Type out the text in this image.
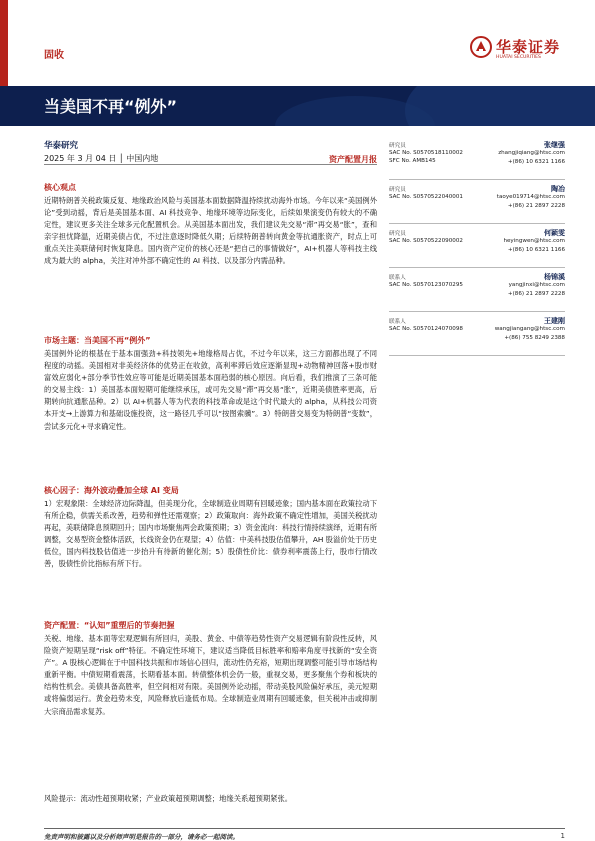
固收	华泰证券
HUATAI SECURITIES
当美国不再“例外”
华泰研究
2025 年 3 月 04 日 │ 中国内地	资产配置月报
核心观点
近期特朗普关税政策反复、地缘政治风险与美国基本面数据降温持续扰动海外市场。今年以来“美国例外论”受到动摇，背后是美国基本面、AI 科技竞争、地缘环境等边际变化，后续如果演变仍有较大的不确定性，建议更多关注全球多元化配置机会。从美国基本面出发，我们建议先交易“滞”再交易“胀”，查和亲字担忧降温，近期美债占优，不过注意逐时降低久期；后续特朗普转向黄金等抗通胀资产，时点上可重点关注美联储何时恢复降息。国内资产定价的核心还是“把自己的事情做好”，AI+机器人等科技主线成为最大的 alpha，关注对冲外部不确定性的 AI 科技、以及部分内需品种。
市场主题：当美国不再“例外”
美国例外论的根基在于基本面强劲+科技领先+地缘格局占优，不过今年以来，这三方面都出现了不同程度的动摇。美国相对非美经济体的优势正在收敛，高利率滞后效应逐渐显现+动物精神回落+股市财富效应弱化+部分季节性效应等可能是近期美国基本面趋弱的核心原因。向后看，我们推演了三条可能的交易主线：1）美国基本面短期可能继续承压，或可先交易“滞”再交易“胀”，近期美债胜率更高，后期转向抗通胀品种。2）以 AI+机器人等为代表的科技革命或是这个时代最大的 alpha，从科技公司资本开支→上游算力和基础设施投资，这一路径几乎可以“按图索骥”。3）特朗普交易变为特朗普“变数”，尝试多元化+寻求确定性。
核心因子：海外波动叠加全球 AI 变局
1）宏观象限：全球经济边际降温，但美现分化，全球制造业周期有回暖迹象；国内基本面在政策拉动下有所企稳，供需关系改善，趋势和弹性还需观察；2）政策取向：海外政策不确定性增加，美国关税扰动再起，美联储降息预期回升；国内市场聚焦两会政策预期；3）资金流向：科技行情持续演绎，近期有所调整，交易型资金整体活跃，长线资金仍在观望；4）估值：中美科技股估值攀升，AH 股溢价处于历史低位，国内科技股估值进一步抬升有待新的催化剂；5）股债性价比：债券利率震荡上行，股市行情改善，股债性价比指标有所下行。
资产配置：“认知”重塑后的节奏把握
关税、地缘、基本面等宏观逻辑有所回归，美股、黄金、中债等趋势性资产交易逻辑有阶段性反转，风险资产短期呈现“risk off”特征。不确定性环境下，建议适当降低目标胜率和赔率角度寻找新的“安全资产”。A 股核心逻辑在于中国科技共振和市场信心回归，流动性仍充裕，短期出现调整可能引导市场结构重新平衡。中债短期看震荡，长期看基本面。转债整体机会仍一般，重视交易，更多聚焦个券和板块的结构性机会。美债具备高胜率，但空间相对有限。美国例外论动摇，带动美股风险偏好承压，美元短期或将偏弱运行。黄金趋势未变，风险释放后逢低布局。全球制造业周期有回暖迹象，但关税冲击或抑制大宗商品需求复苏。
风险提示：流动性超预期收紧；产业政策超预期调整；地缘关系超预期紧张。
研究员	张继强
SAC No. S0570518110002
SFC No. AMB145
zhangjiqiang@htsc.com
+(86) 10 6321 1166
研究员	陶冶
SAC No. S0570522040001	taoye019714@htsc.com
+(86) 21 2897 2228
研究员	何颖雯
SAC No. S0570522090002	heyingwen@htsc.com
+(86) 10 6321 1166
联系人	杨锦溪
SAC No. S0570123070295	yangjinxi@htsc.com
+(86) 21 2897 2228
联系人	王建刚
SAC No. S0570124070098	wangjiangang@htsc.com
+(86) 755 8249 2388
免责声明和披露以及分析师声明是报告的一部分，请务必一起阅读。	1
